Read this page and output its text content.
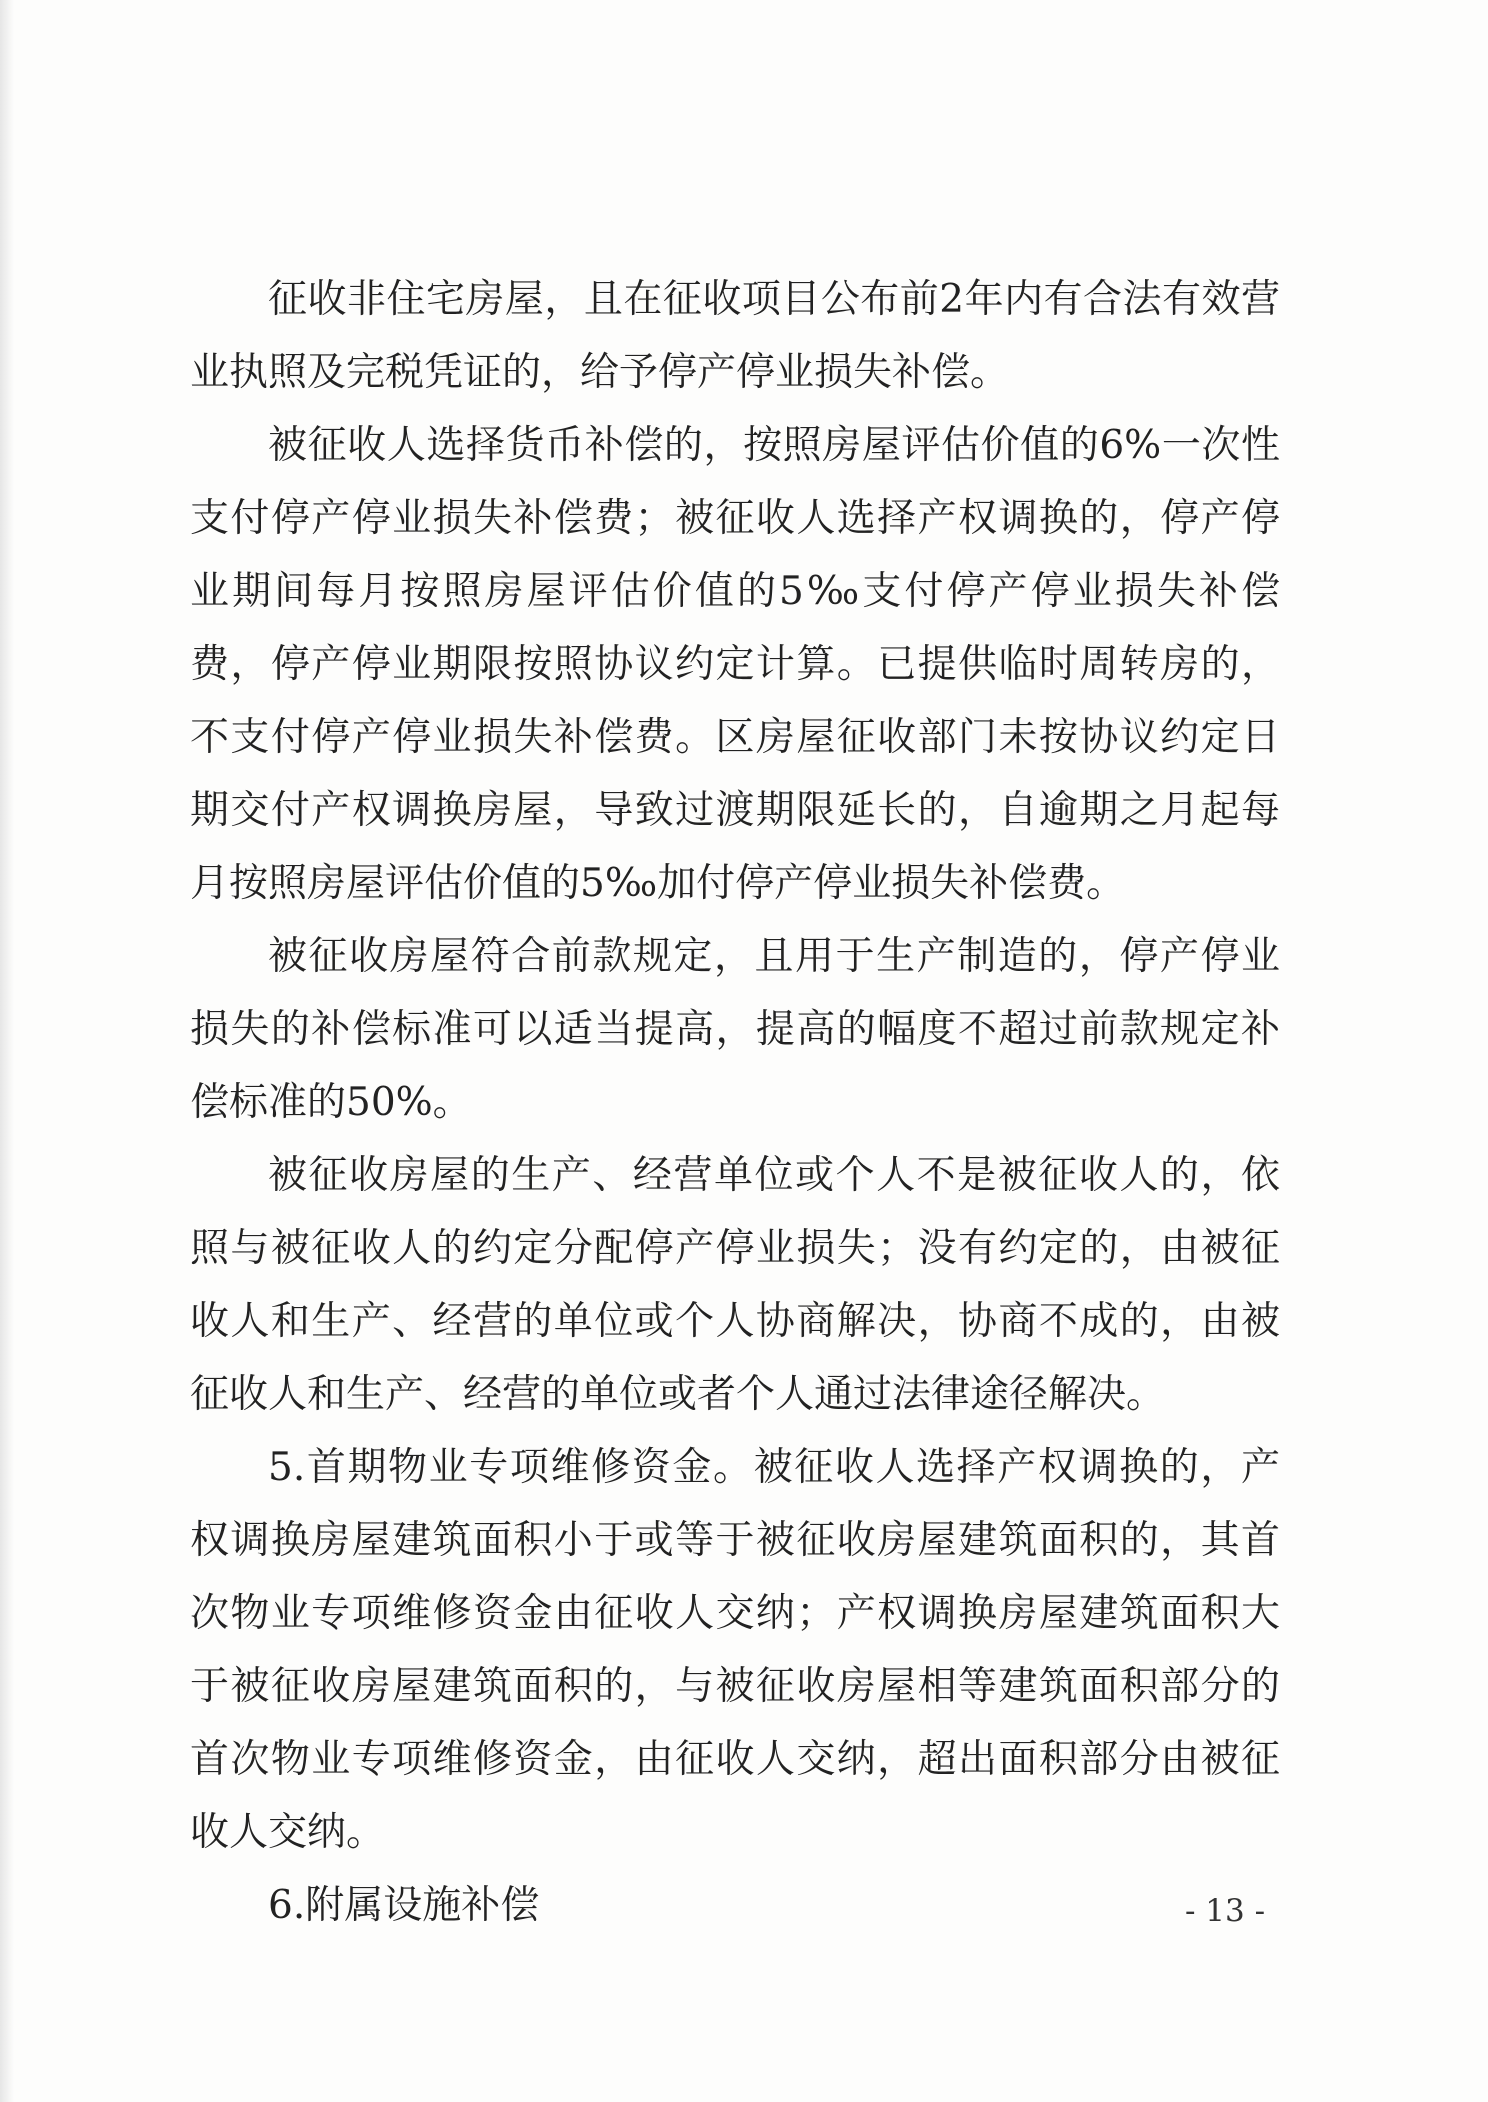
征收非住宅房屋，且在征收项目公布前2年内有合法有效营业执照及完税凭证的，给予停产停业损失补偿。

被征收人选择货币补偿的，按照房屋评估价值的6%一次性支付停产停业损失补偿费；被征收人选择产权调换的，停产停业期间每月按照房屋评估价值的5‰支付停产停业损失补偿费，停产停业期限按照协议约定计算。已提供临时周转房的，不支付停产停业损失补偿费。区房屋征收部门未按协议约定日期交付产权调换房屋，导致过渡期限延长的，自逾期之月起每月按照房屋评估价值的5‰加付停产停业损失补偿费。

被征收房屋符合前款规定，且用于生产制造的，停产停业损失的补偿标准可以适当提高，提高的幅度不超过前款规定补偿标准的50%。

被征收房屋的生产、经营单位或个人不是被征收人的，依照与被征收人的约定分配停产停业损失；没有约定的，由被征收人和生产、经营的单位或个人协商解决，协商不成的，由被征收人和生产、经营的单位或者个人通过法律途径解决。

5.首期物业专项维修资金。被征收人选择产权调换的，产权调换房屋建筑面积小于或等于被征收房屋建筑面积的，其首次物业专项维修资金由征收人交纳；产权调换房屋建筑面积大于被征收房屋建筑面积的，与被征收房屋相等建筑面积部分的首次物业专项维修资金，由征收人交纳，超出面积部分由被征收人交纳。

6.附属设施补偿	- 13 -
